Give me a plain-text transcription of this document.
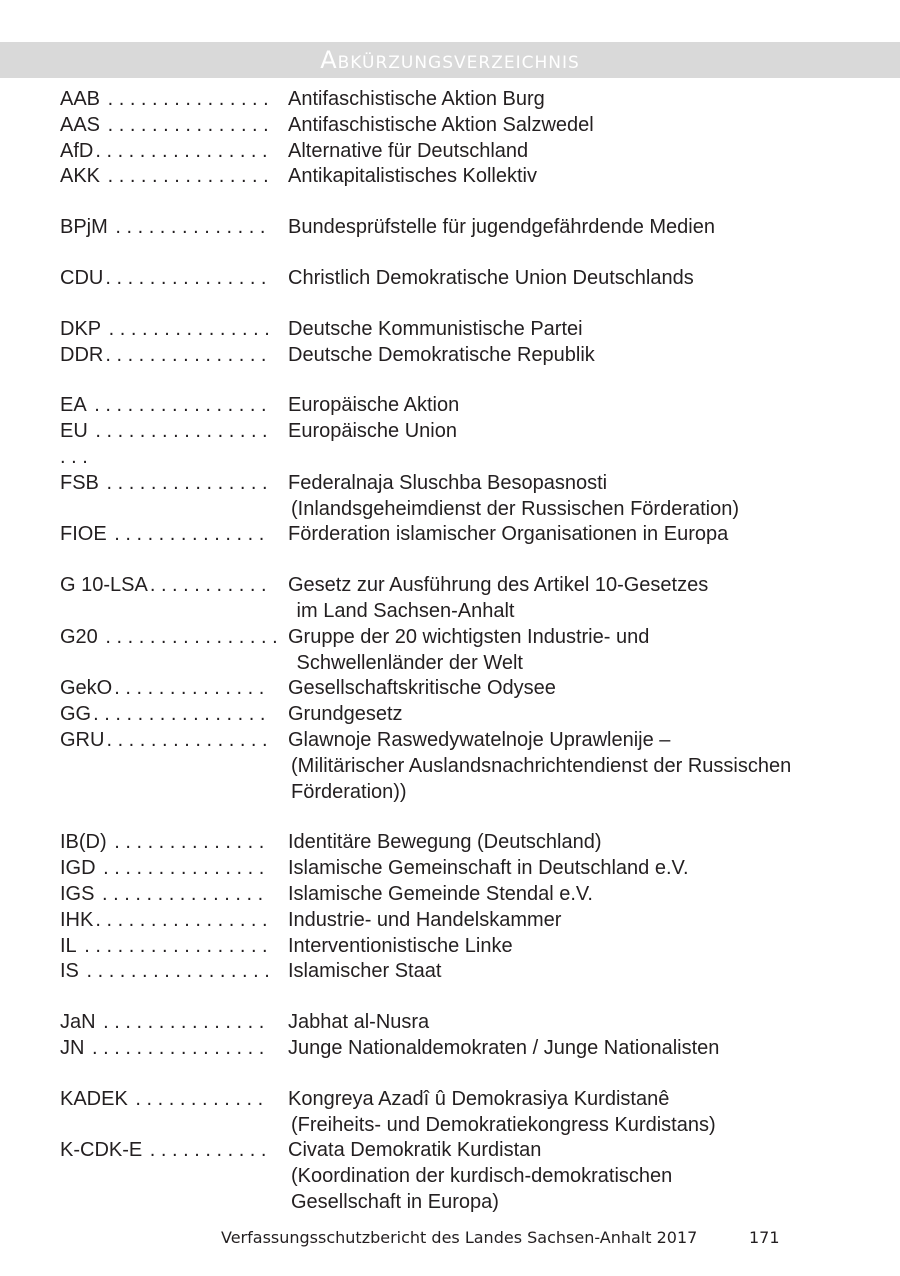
Abkürzungsverzeichnis
AAB . . . . . . . . . . . . . . . Antifaschistische Aktion Burg
AAS . . . . . . . . . . . . . . . Antifaschistische Aktion Salzwedel
AfD . . . . . . . . . . . . . . . .	Alternative für Deutschland
AKK . . . . . . . . . . . . . . . Antikapitalistisches Kollektiv
BPjM . . . . . . . . . . . . . .	Bundesprüfstelle für jugendgefährdende Medien
CDU . . . . . . . . . . . . . . .	Christlich Demokratische Union Deutschlands
DKP . . . . . . . . . . . . . . . Deutsche Kommunistische Partei
DDR . . . . . . . . . . . . . . .	Deutsche Demokratische Republik
EA . . . . . . . . . . . . . . . .	Europäische Aktion
EU . . . . . . . . . . . . . . . .	Europäische Union
. . .
FSB . . . . . . . . . . . . . . .	Federalnaja Sluschba Besopasnosti
(Inlandsgeheimdienst der Russischen Förderation)
FIOE . . . . . . . . . . . . . .	Förderation islamischer Organisationen in Europa
G 10-LSA . . . . . . . . . . .	Gesetz zur Ausführung des Artikel 10-Gesetzes
im Land Sachsen-Anhalt
G20 . . . . . . . . . . . . . . . . Gruppe der 20 wichtigsten Industrie- und
Schwellenländer der Welt
GekO . . . . . . . . . . . . . .	Gesellschaftskritische Odysee
GG . . . . . . . . . . . . . . . .	Grundgesetz
GRU . . . . . . . . . . . . . . .	Glawnoje Raswedywatelnoje Uprawlenije –
(Militärischer Auslandsnachrichtendienst der Russischen
Förderation))
IB(D) . . . . . . . . . . . . . .	Identitäre Bewegung (Deutschland)
IGD . . . . . . . . . . . . . . .	Islamische Gemeinschaft in Deutschland e.V.
IGS . . . . . . . . . . . . . . .	Islamische Gemeinde Stendal e.V.
IHK . . . . . . . . . . . . . . . .	Industrie- und Handelskammer
IL . . . . . . . . . . . . . . . . .	Interventionistische Linke
IS . . . . . . . . . . . . . . . . . Islamischer Staat
JaN . . . . . . . . . . . . . . .	Jabhat al-Nusra
JN . . . . . . . . . . . . . . . .	Junge Nationaldemokraten / Junge Nationalisten
KADEK . . . . . . . . . . . .	Kongreya Azadî û Demokrasiya Kurdistanê
(Freiheits- und Demokratiekongress Kurdistans)
K-CDK-E . . . . . . . . . . .	Civata Demokratik Kurdistan
(Koordination der kurdisch-demokratischen
Gesellschaft in Europa)
Verfassungsschutzbericht des Landes Sachsen-Anhalt 2017	171
